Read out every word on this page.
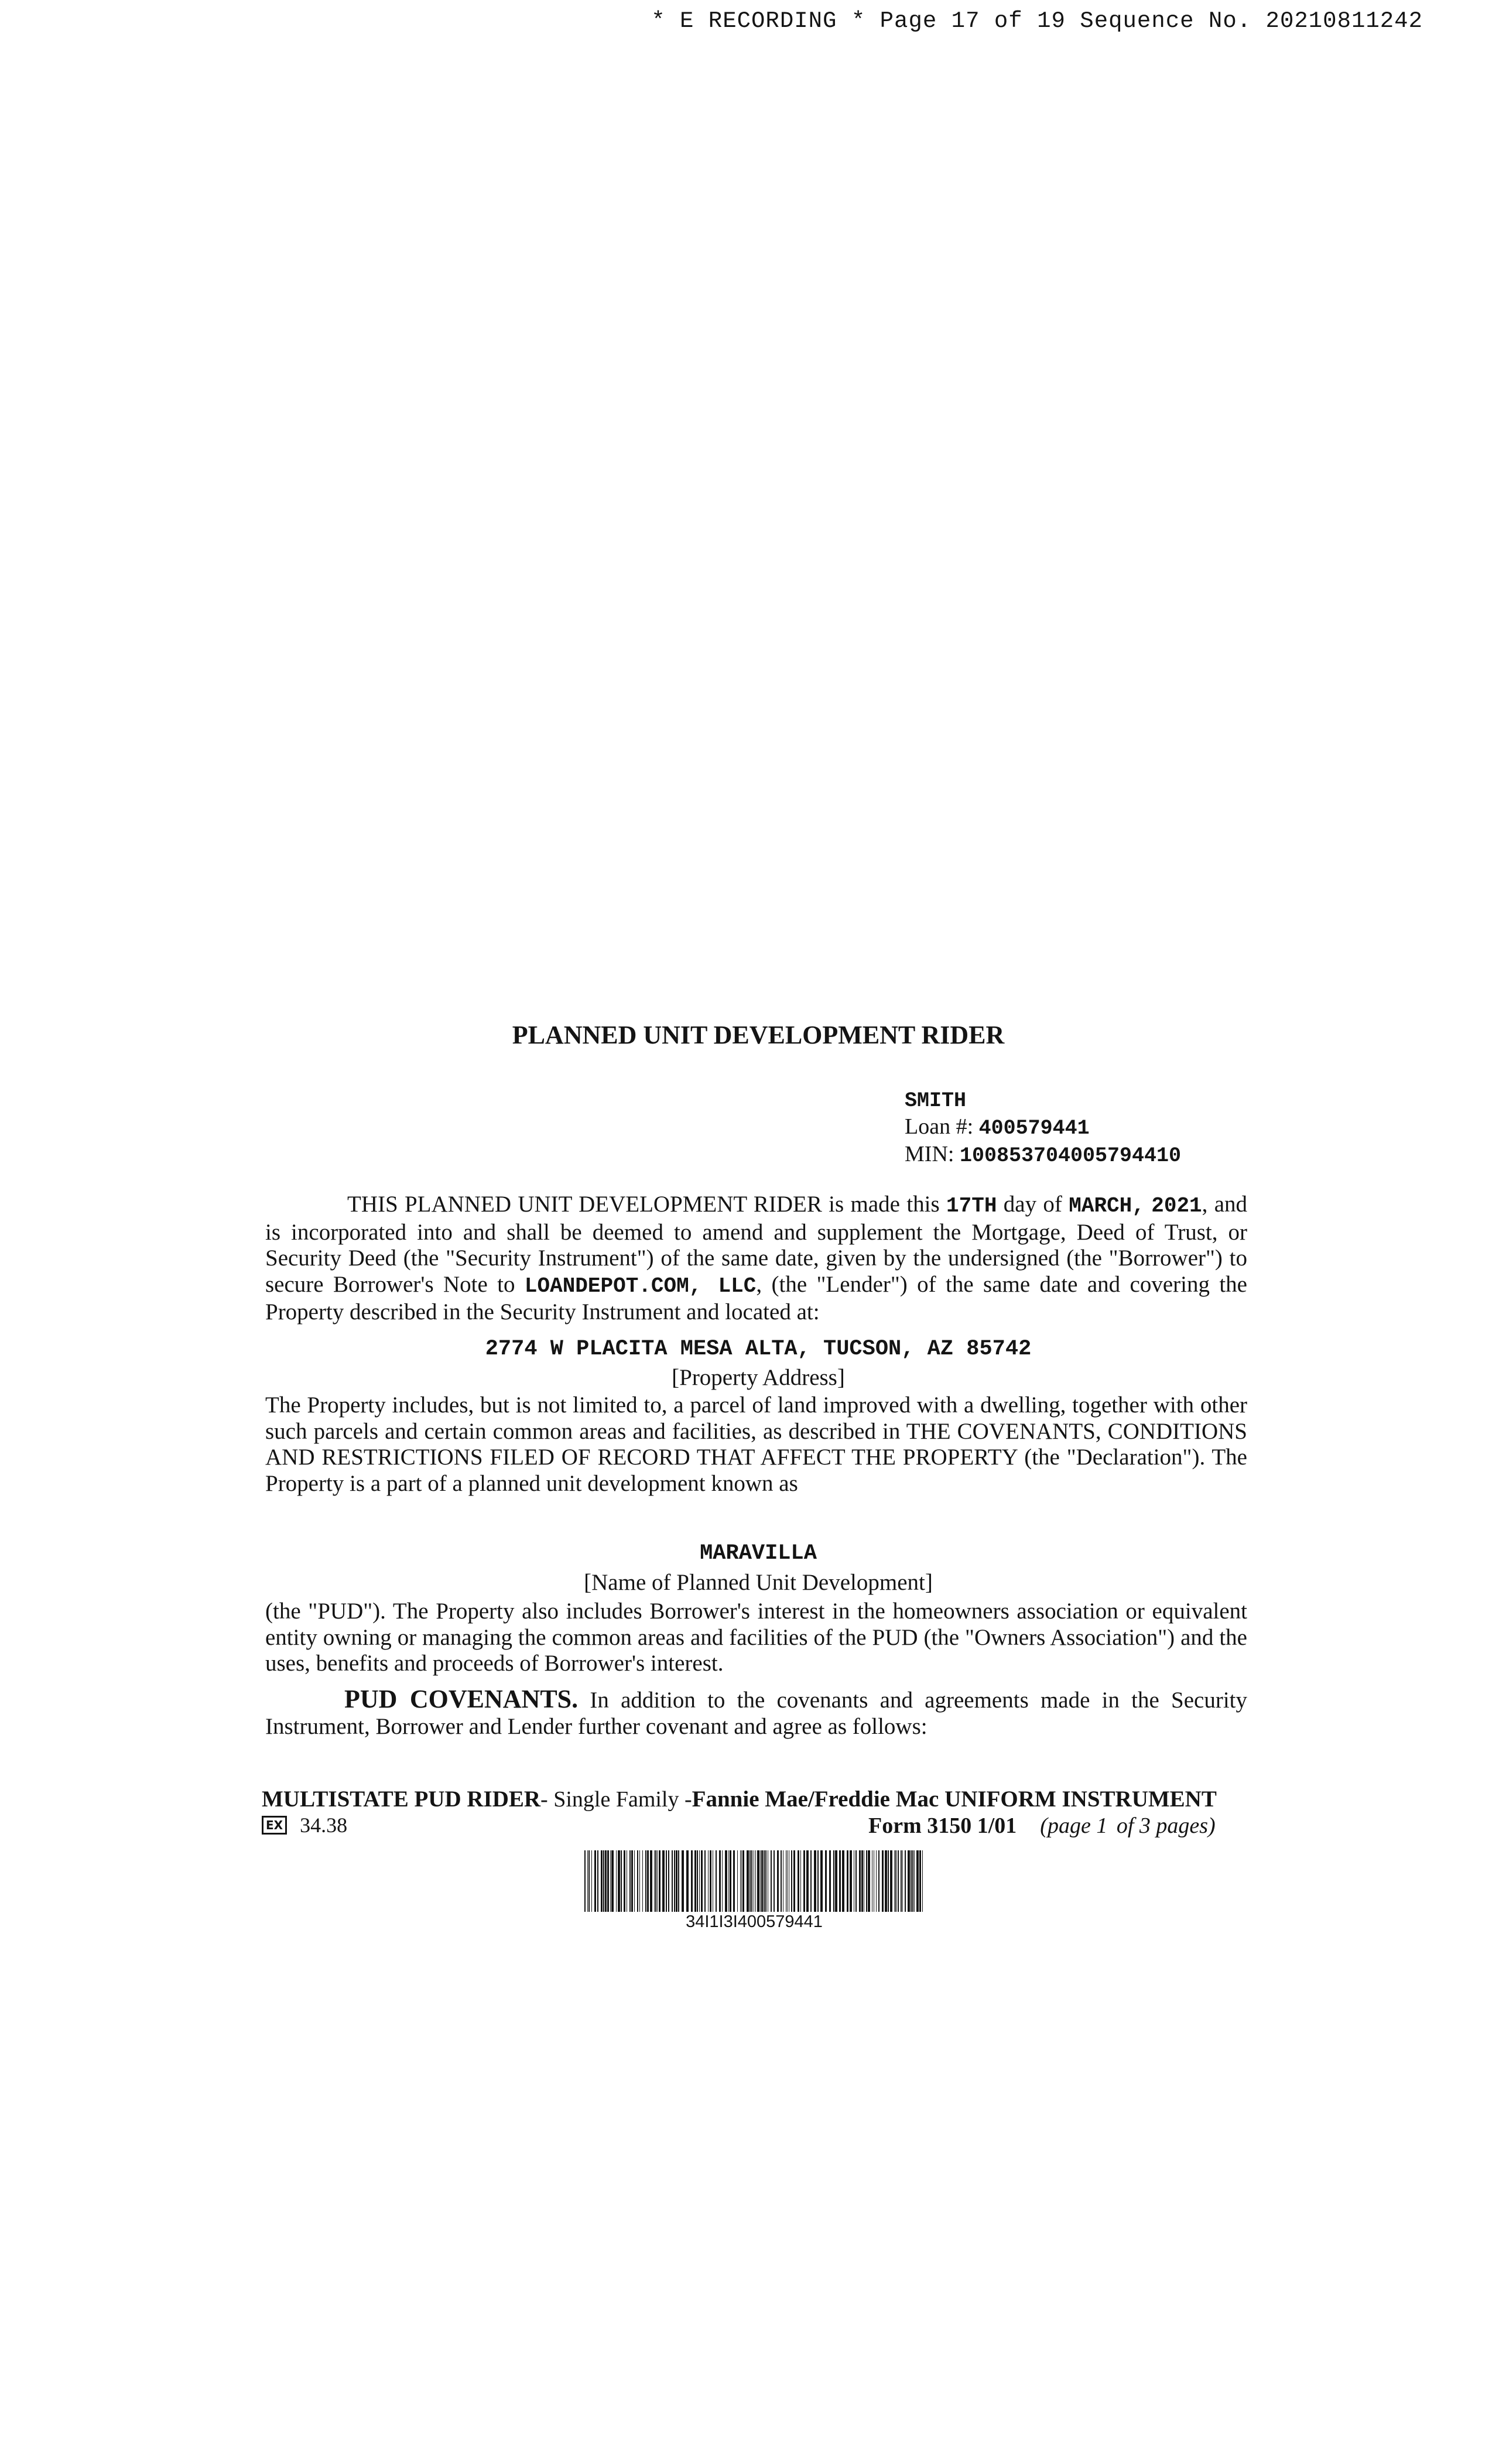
* E RECORDING * Page 17 of 19 Sequence No. 20210811242
PLANNED UNIT DEVELOPMENT RIDER
SMITH
Loan #: 400579441
MIN: 100853704005794410
THIS PLANNED UNIT DEVELOPMENT RIDER is made this 17TH day of MARCH, 2021, and is incorporated into and shall be deemed to amend and supplement the Mortgage, Deed of Trust, or Security Deed (the "Security Instrument") of the same date, given by the undersigned (the "Borrower") to secure Borrower's Note to LOANDEPOT.COM, LLC, (the "Lender") of the same date and covering the Property described in the Security Instrument and located at:
2774 W PLACITA MESA ALTA, TUCSON, AZ 85742
[Property Address]
The Property includes, but is not limited to, a parcel of land improved with a dwelling, together with other such parcels and certain common areas and facilities, as described in THE COVENANTS, CONDITIONS AND RESTRICTIONS FILED OF RECORD THAT AFFECT THE PROPERTY (the "Declaration"). The Property is a part of a planned unit development known as
MARAVILLA
[Name of Planned Unit Development]
(the "PUD"). The Property also includes Borrower's interest in the homeowners association or equivalent entity owning or managing the common areas and facilities of the PUD (the "Owners Association") and the uses, benefits and proceeds of Borrower's interest.
PUD COVENANTS. In addition to the covenants and agreements made in the Security Instrument, Borrower and Lender further covenant and agree as follows:
MULTISTATE PUD RIDER- Single Family -Fannie Mae/Freddie Mac UNIFORM INSTRUMENT
EX 34.38	Form 3150 1/01 (page 1 of 3 pages)
34I1I3I400579441
